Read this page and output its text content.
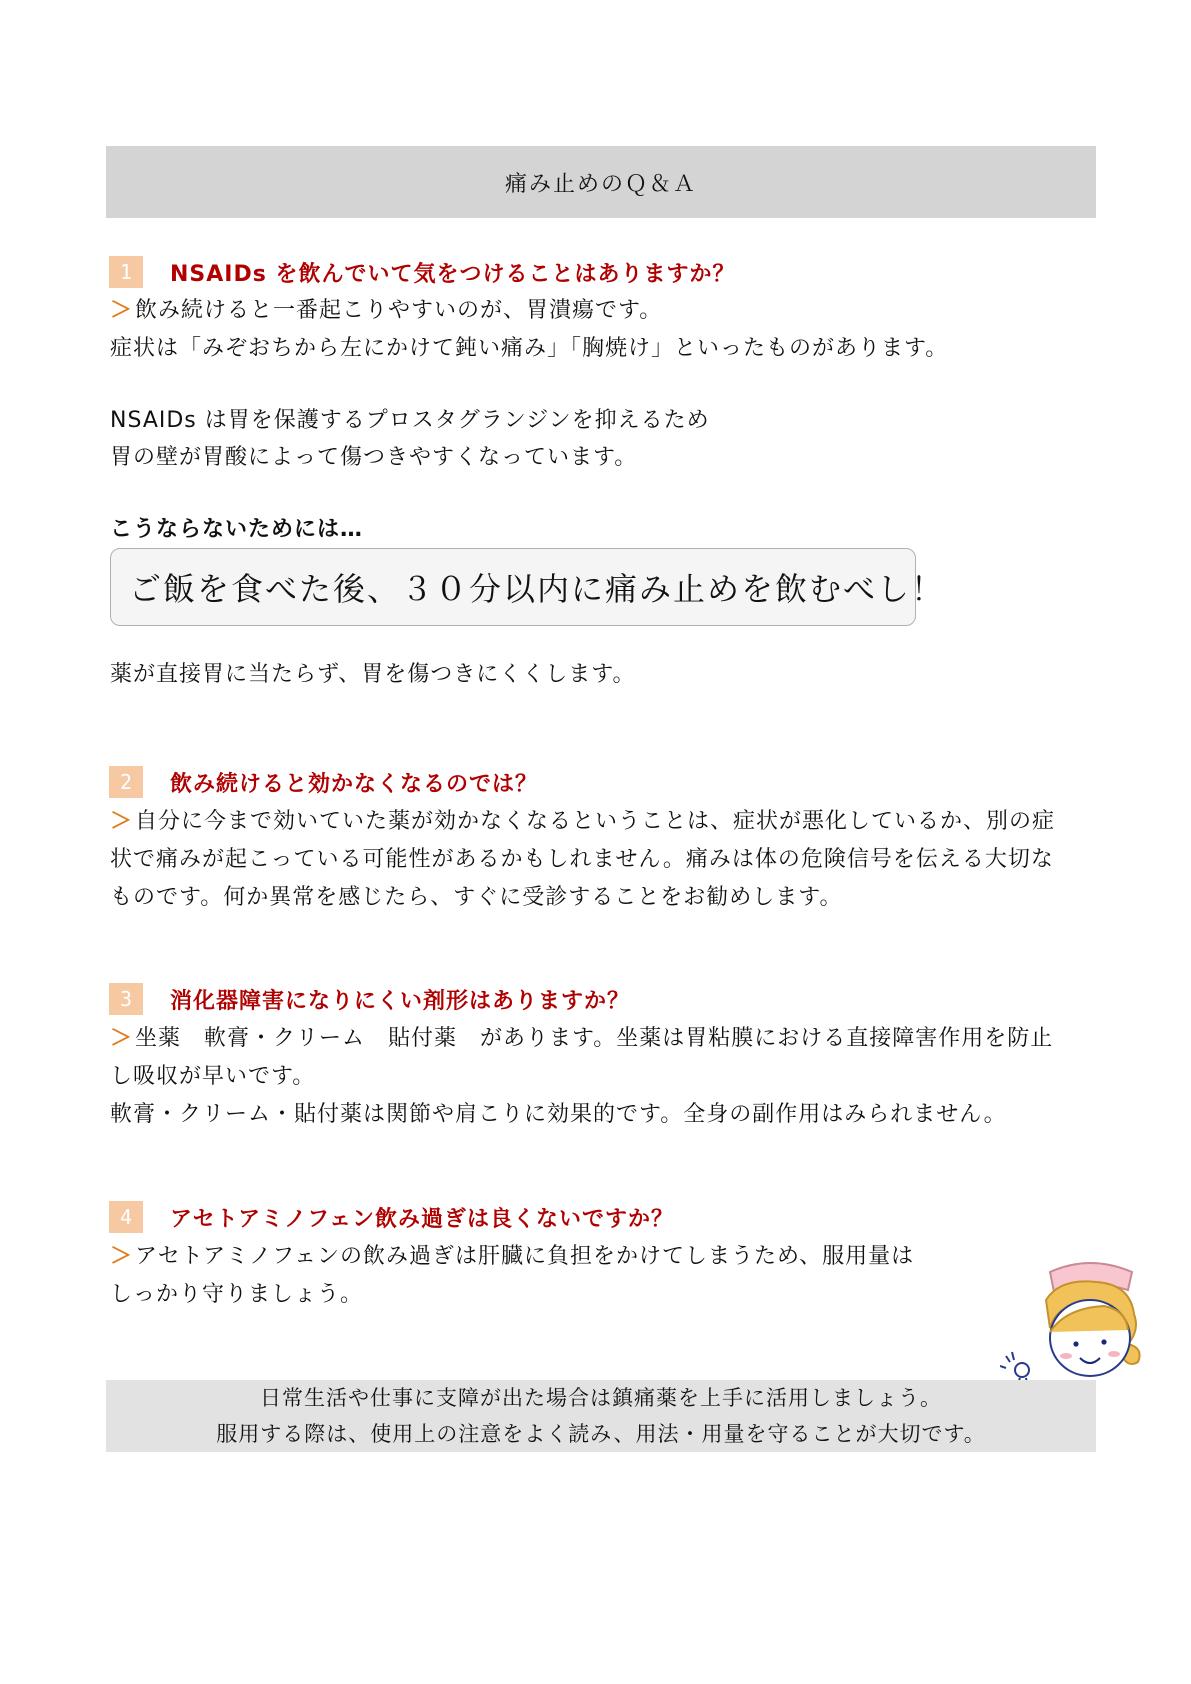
痛み止めのＱ＆Ａ
1	NSAIDs を飲んでいて気をつけることはありますか？
＞飲み続けると一番起こりやすいのが、胃潰瘍です。
症状は「みぞおちから左にかけて鈍い痛み」「胸焼け」といったものがあります。
NSAIDs は胃を保護するプロスタグランジンを抑えるため
胃の壁が胃酸によって傷つきやすくなっています。
こうならないためには…
ご飯を食べた後、３０分以内に痛み止めを飲むべし！
薬が直接胃に当たらず、胃を傷つきにくくします。
2	飲み続けると効かなくなるのでは？
＞自分に今まで効いていた薬が効かなくなるということは、症状が悪化しているか、別の症
状で痛みが起こっている可能性があるかもしれません。痛みは体の危険信号を伝える大切な
ものです。何か異常を感じたら、すぐに受診することをお勧めします。
3	消化器障害になりにくい剤形はありますか？
＞坐薬　軟膏・クリーム　貼付薬　があります。坐薬は胃粘膜における直接障害作用を防止
し吸収が早いです。
軟膏・クリーム・貼付薬は関節や肩こりに効果的です。全身の副作用はみられません。
4	アセトアミノフェン飲み過ぎは良くないですか？
＞アセトアミノフェンの飲み過ぎは肝臓に負担をかけてしまうため、服用量は
しっかり守りましょう。
日常生活や仕事に支障が出た場合は鎮痛薬を上手に活用しましょう。
服用する際は、使用上の注意をよく読み、用法・用量を守ることが大切です。
